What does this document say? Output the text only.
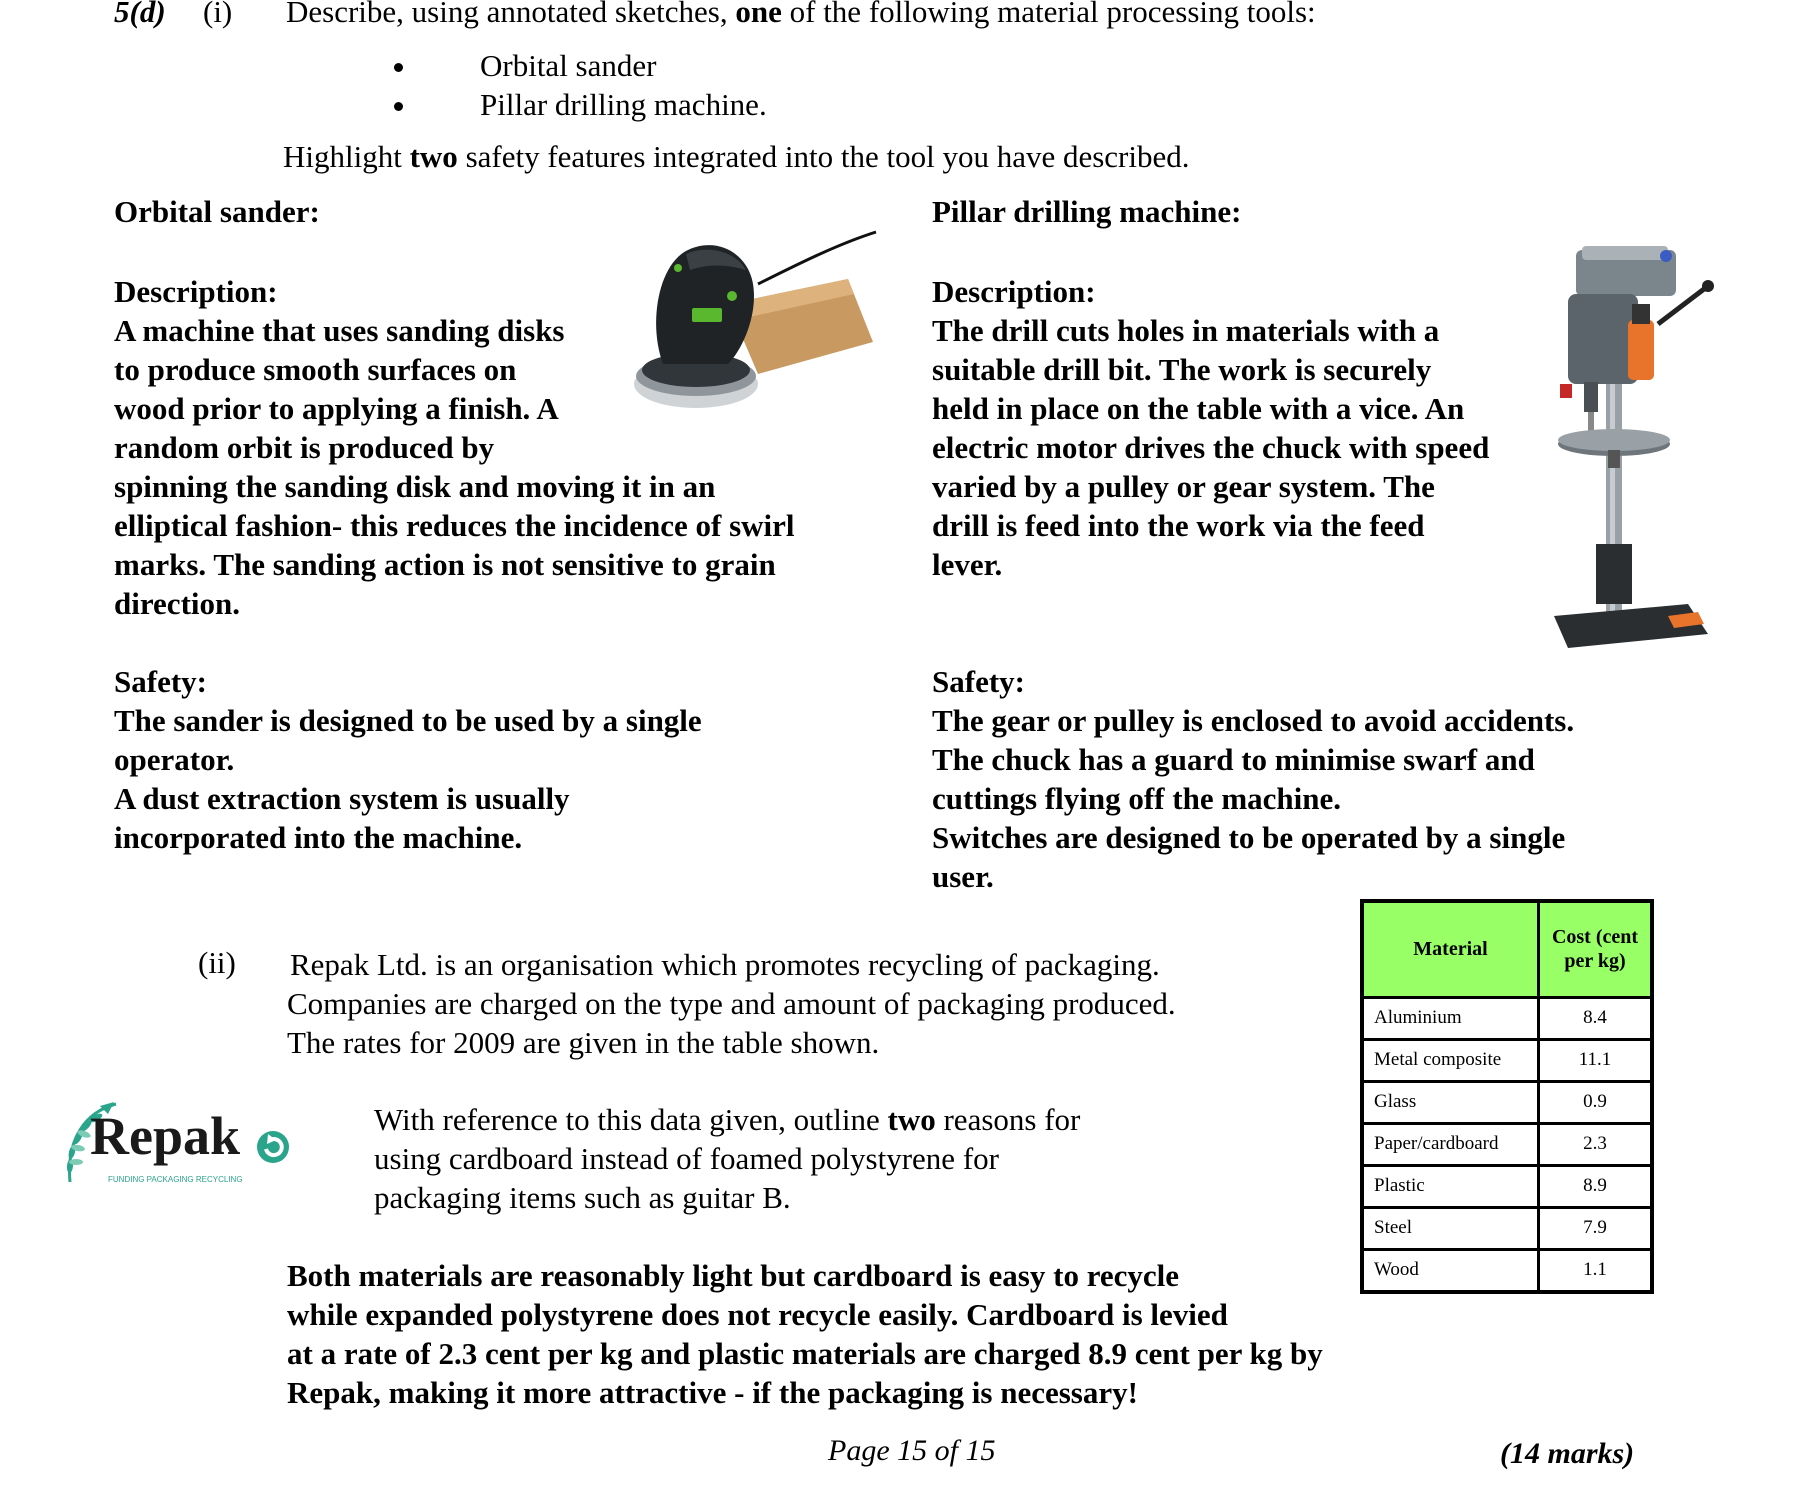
5(d) (i) Describe, using annotated sketches, one of the following material processing tools:
Orbital sander
Pillar drilling machine.
Highlight two safety features integrated into the tool you have described.
Orbital sander:

Description:

A machine that uses sanding disks

to produce smooth surfaces on

wood prior to applying a finish. A

random orbit is produced by

spinning the sanding disk and moving it in an

elliptical fashion- this reduces the incidence of swirl

marks. The sanding action is not sensitive to grain

direction.

Safety:

The sander is designed to be used by a single

operator.

A dust extraction system is usually

incorporated into the machine.

Pillar drilling machine:

Description:

The drill cuts holes in materials with a

suitable drill bit. The work is securely

held in place on the table with a vice. An

electric motor drives the chuck with speed

varied by a pulley or gear system. The

drill is feed into the work via the feed

lever.

Safety:

The gear or pulley is enclosed to avoid accidents.

The chuck has a guard to minimise swarf and

cuttings flying off the machine.

Switches are designed to be operated by a single

user.

(ii) Repak Ltd. is an organisation which promotes recycling of packaging.
Companies are charged on the type and amount of packaging produced.
The rates for 2009 are given in the table shown.
Repak
FUNDING PACKAGING RECYCLING
With reference to this data given, outline two reasons for
using cardboard instead of foamed polystyrene for
packaging items such as guitar B.

Both materials are reasonably light but cardboard is easy to recycle

while expanded polystyrene does not recycle easily. Cardboard is levied

at a rate of 2.3 cent per kg and plastic materials are charged 8.9 cent per kg by

Repak, making it more attractive - if the packaging is necessary!

Material	Cost (cent per kg)
Aluminium	8.4
Metal composite	11.1
Glass	0.9
Paper/cardboard	2.3
Plastic	8.9
Steel	7.9
Wood	1.1
Page 15 of 15	(14 marks)
